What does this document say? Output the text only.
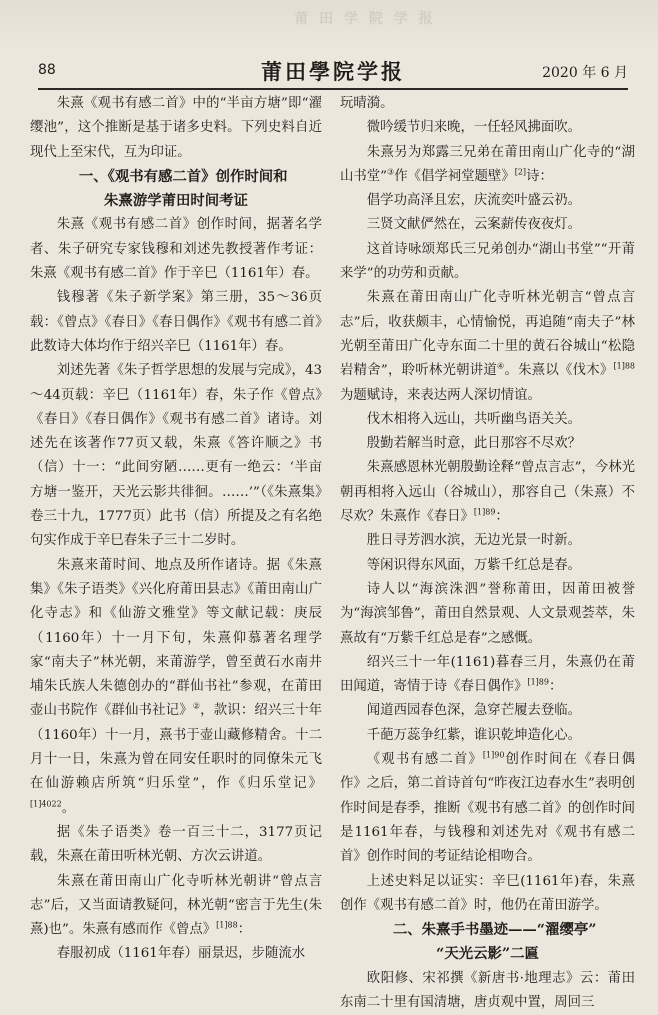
莆 田 学 院 学 报
88	莆田學院学报	2020 年 6 月

朱熹《观书有感二首》中的“半亩方塘”即“濯缨池”，这个推断是基于诸多史料。下列史料自近现代上至宋代，互为印证。

一、《观书有感二首》创作时间和
朱熹游学莆田时间考证

朱熹《观书有感二首》创作时间，据著名学者、朱子研究专家钱穆和刘述先教授著作考证：朱熹《观书有感二首》作于辛巳（1161年）春。

钱穆著《朱子新学案》第三册，35～36页载：《曾点》《春日》《春日偶作》《观书有感二首》此数诗大体均作于绍兴辛巳（1161年）春。

刘述先著《朱子哲学思想的发展与完成》，43～44页载：辛巳（1161年）春，朱子作《曾点》《春日》《春日偶作》《观书有感二首》诸诗。刘述先在该著作77页又载，朱熹《答许顺之》书（信）十一：“此间穷陋……更有一绝云：‘半亩方塘一鉴开，天光云影共徘徊。……’”（《朱熹集》卷三十九，1777页）此书（信）所提及之有名绝句实作成于辛巳春朱子三十二岁时。

朱熹来莆时间、地点及所作诸诗。据《朱熹集》《朱子语类》《兴化府莆田县志》《莆田南山广化寺志》和《仙游文雅堂》等文献记载：庚辰（1160年）十一月下旬，朱熹仰慕著名理学家“南夫子”林光朝，来莆游学，曾至黄石水南井埔朱氏族人朱德创办的“群仙书社”参观，在莆田壶山书院作《群仙书社记》②，款识：绍兴三十年（1160年）十一月，熹书于壶山藏修精舍。十二月十一日，朱熹为曾在同安任职时的同僚朱元飞在仙游赖店所筑“归乐堂”，作《归乐堂记》$^{[1]4022}$。

据《朱子语类》卷一百三十二，3177页记载，朱熹在莆田听林光朝、方次云讲道。

朱熹在莆田南山广化寺听林光朝讲“曾点言志”后，又当面请教疑问，林光朝“密言于先生(朱熹)也”。朱熹有感而作《曾点》$^{[1]88}$：

春服初成（1161年春）丽景迟，步随流水

玩晴漪。

微吟缓节归来晚，一任轻风拂面吹。

朱熹另为郑露三兄弟在莆田南山广化寺的“湖山书堂”③作《倡学祠堂题壁》[2]诗：

倡学功高泽且宏，庆流奕叶盛云礽。

三贤文献俨然在，云案薪传夜夜灯。

这首诗咏颂郑氏三兄弟创办“湖山书堂”“开莆来学”的功劳和贡献。

朱熹在莆田南山广化寺听林光朝言“曾点言志”后，收获颇丰，心情愉悦，再追随“南夫子”林光朝至莆田广化寺东面二十里的黄石谷城山“松隐岩精舍”，聆听林光朝讲道④。朱熹以《伐木》$^{[1]88}$为题赋诗，来表达两人深切情谊。

伐木相将入远山，共听幽鸟语关关。

殷勤若解当时意，此日那容不尽欢？

朱熹感恩林光朝殷勤诠释“曾点言志”，今林光朝再相将入远山（谷城山），那容自己（朱熹）不尽欢？朱熹作《春日》$^{[1]89}$：

胜日寻芳泗水滨，无边光景一时新。

等闲识得东风面，万紫千红总是春。

诗人以“海滨洙泗”誉称莆田，因莆田被誉为“海滨邹鲁”，莆田自然景观、人文景观荟萃，朱熹故有“万紫千红总是春”之感慨。

绍兴三十一年(1161)暮春三月，朱熹仍在莆田闻道，寄情于诗《春日偶作》$^{[1]89}$：

闻道西园春色深，急穿芒履去登临。

千葩万蕊争红紫，谁识乾坤造化心。

《观书有感二首》$^{[1]90}$创作时间在《春日偶作》之后，第二首诗首句“昨夜江边春水生”表明创作时间是春季，推断《观书有感二首》的创作时间是1161年春，与钱穆和刘述先对《观书有感二首》创作时间的考证结论相吻合。

上述史料足以证实：辛巳(1161年)春，朱熹创作《观书有感二首》时，他仍在莆田游学。

二、朱熹手书墨迹——“濯缨亭”
“天光云影”二匾

欧阳修、宋祁撰《新唐书·地理志》云：莆田东南二十里有国清塘，唐贞观中置，周回三
